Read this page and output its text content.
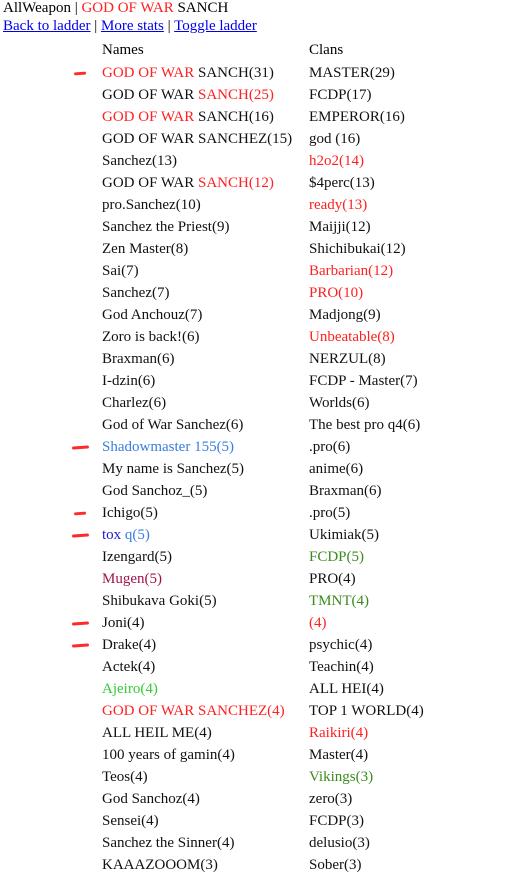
AllWeapon | GOD OF WAR SANCH
Back to ladder | More stats | Toggle ladder
Names	Clans
GOD OF WAR SANCH(31) MASTER(29)
GOD OF WAR SANCH(25) FCDP(17)
GOD OF WAR SANCH(16) EMPEROR(16)
GOD OF WAR SANCHEZ(15) god (16)
Sanchez(13)	h2o2(14)
GOD OF WAR SANCH(12) $4perc(13)
pro.Sanchez(10)	ready(13)
Sanchez the Priest(9)	Maijji(12)
Zen Master(8)	Shichibukai(12)
Sai(7)	Barbarian(12)
Sanchez(7)	PRO(10)
God Anchouz(7)	Madjong(9)
Zoro is back!(6)	Unbeatable(8)
Braxman(6)	NERZUL(8)
I-dzin(6)	FCDP - Master(7)
Charlez(6)	Worlds(6)
God of War Sanchez(6)	The best pro q4(6)
Shadowmaster 155(5)	.pro(6)
My name is Sanchez(5)	anime(6)
God Sanchoz_(5)	Braxman(6)
Ichigo(5)	.pro(5)
tox q(5)	Ukimiak(5)
Izengard(5)	FCDP(5)
Mugen(5)	PRO(4)
Shibukava Goki(5)	TMNT(4)
Joni(4)	(4)
Drake(4)	psychic(4)
Actek(4)	Teachin(4)
Ajeiro(4)	ALL HEI(4)
GOD OF WAR SANCHEZ(4) TOP 1 WORLD(4)
ALL HEIL ME(4)	Raikiri(4)
100 years of gamin(4)	Master(4)
Teos(4)	Vikings(3)
God Sanchoz(4)	zero(3)
Sensei(4)	FCDP(3)
Sanchez the Sinner(4)	delusio(3)
KAAAZOOOM(3)	Sober(3)
